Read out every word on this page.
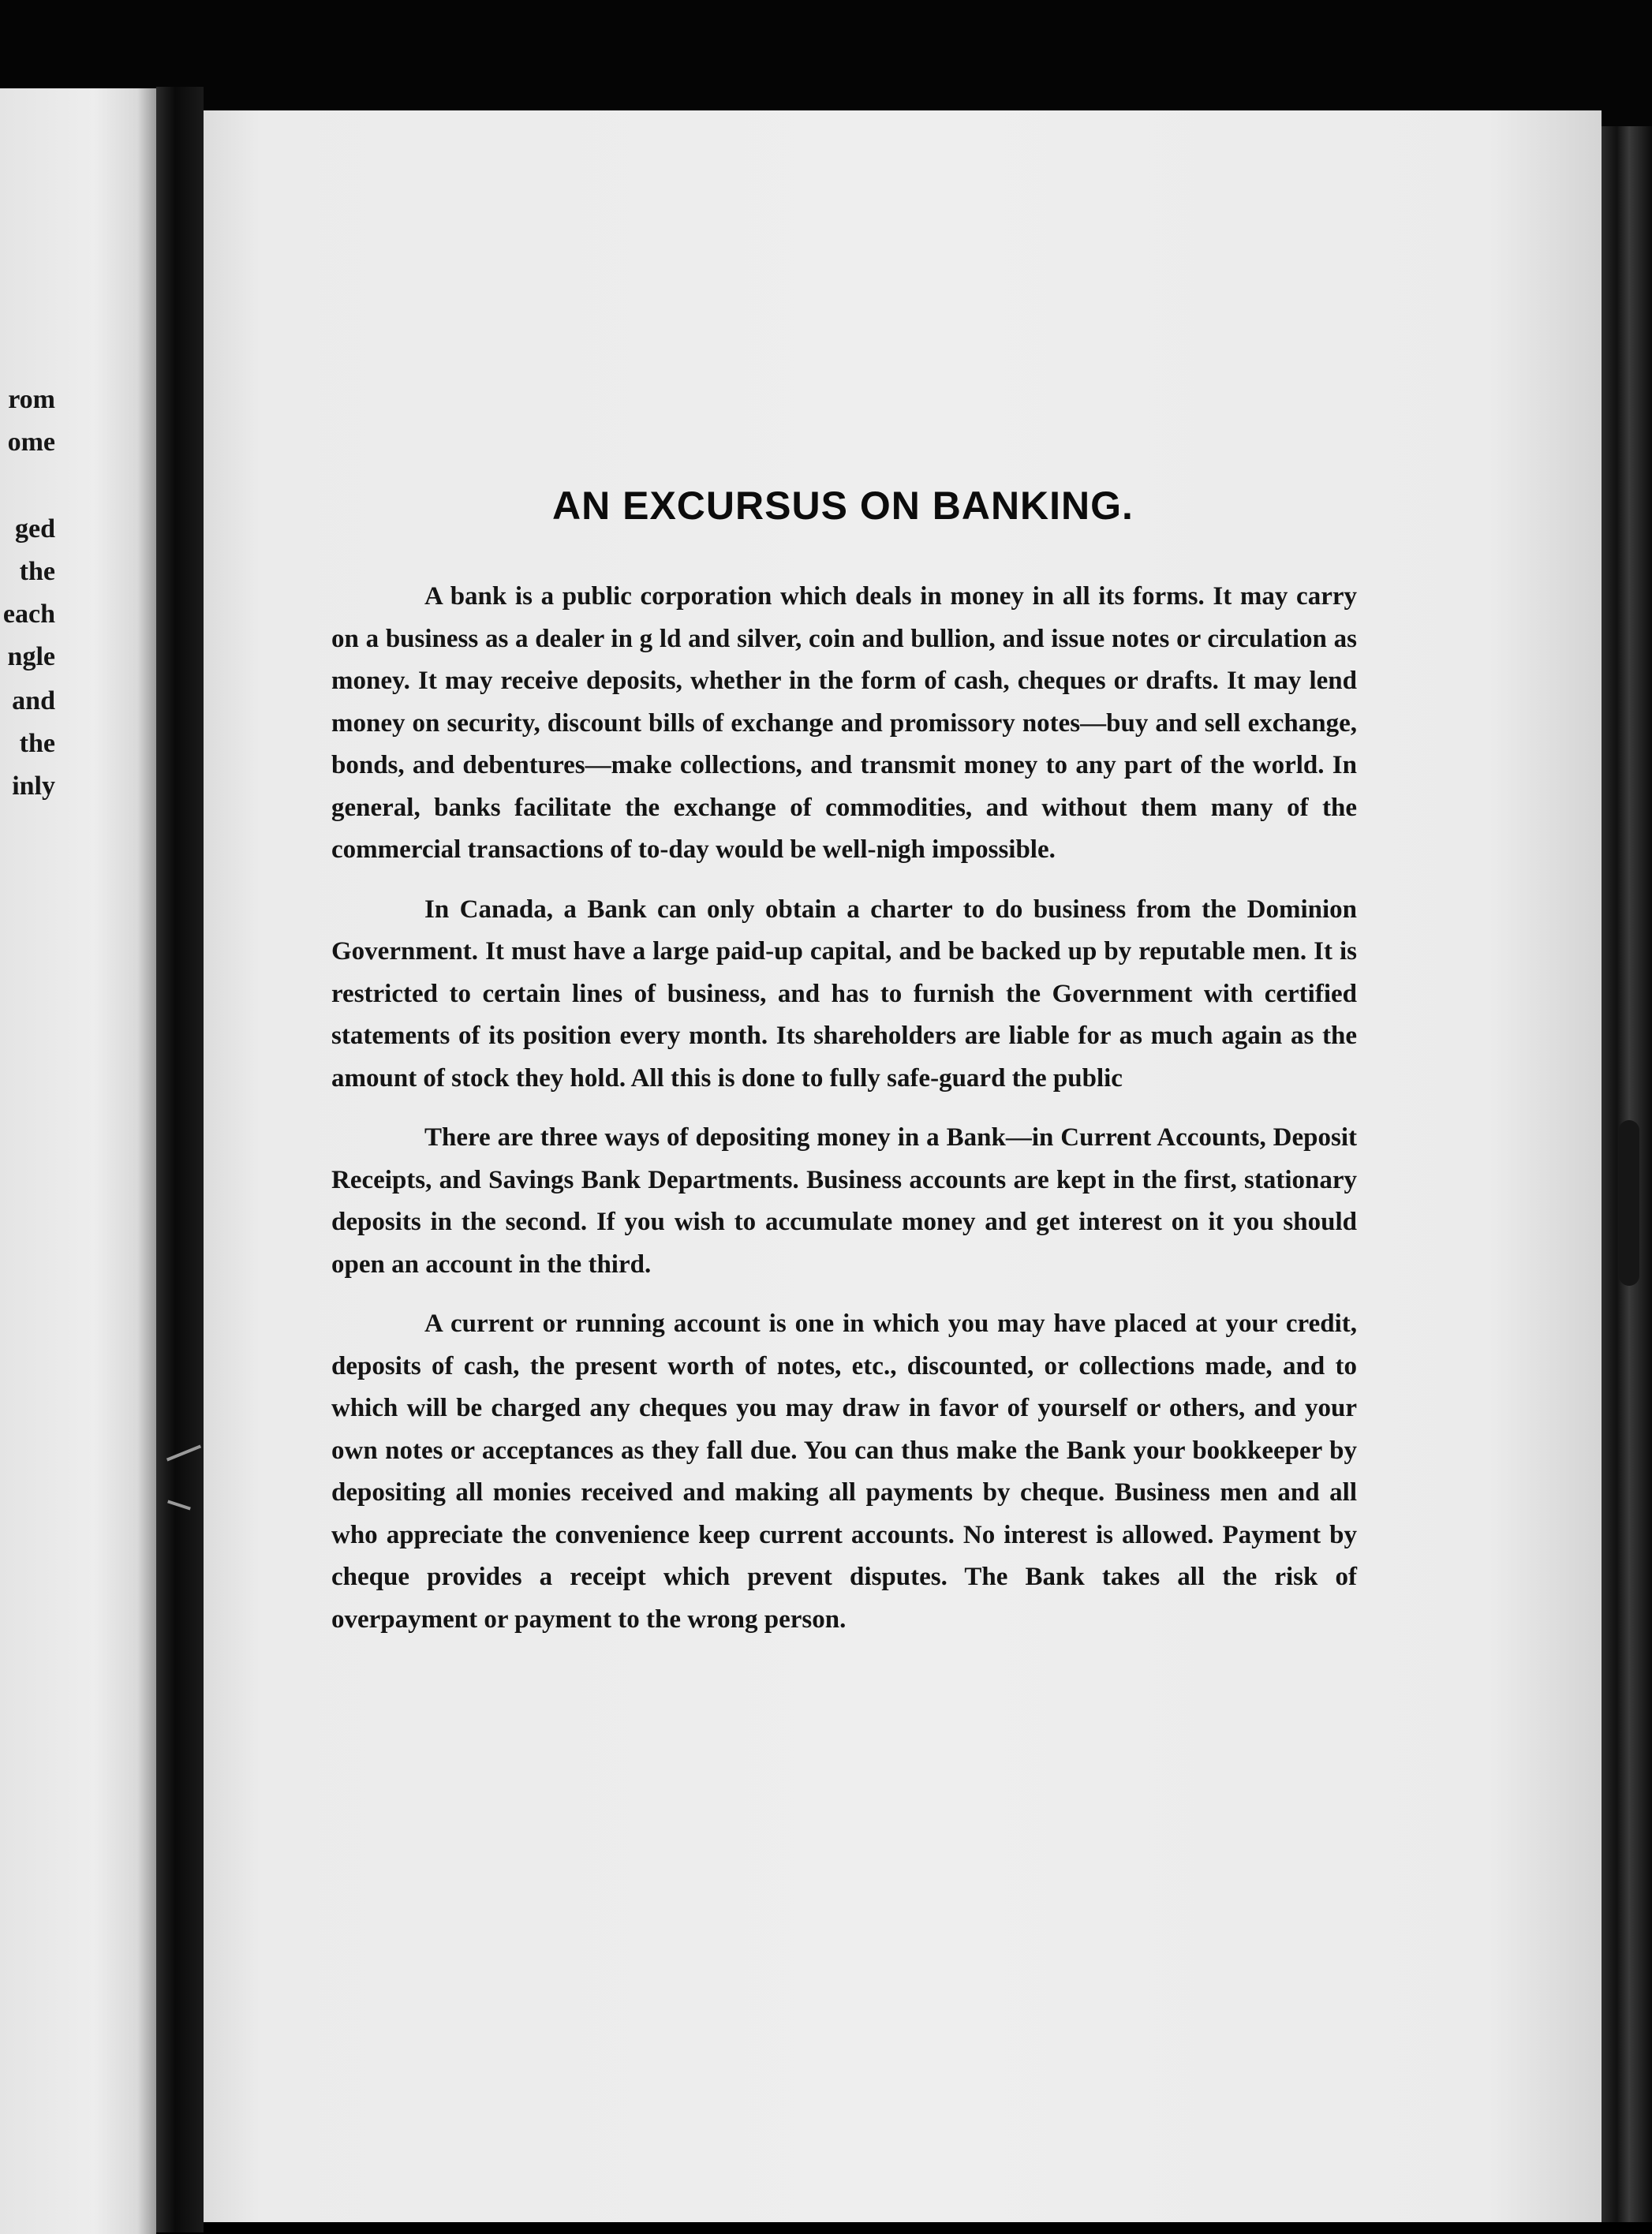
rom
ome
ged
the
each
ngle
and
the
inly
AN EXCURSUS ON BANKING.

A bank is a public corporation which deals in money in all its forms. It may carry on a business as a dealer in g ld and silver, coin and bullion, and issue notes or circulation as money. It may receive deposits, whether in the form of cash, cheques or drafts. It may lend money on security, discount bills of exchange and promissory notes—buy and sell exchange, bonds, and debentures—make collections, and transmit money to any part of the world. In general, banks facilitate the exchange of commodities, and without them many of the commercial transactions of to-day would be well-nigh impossible.

In Canada, a Bank can only obtain a charter to do business from the Dominion Government. It must have a large paid-up capital, and be backed up by reputable men. It is restricted to certain lines of business, and has to furnish the Government with certified statements of its position every month. Its shareholders are liable for as much again as the amount of stock they hold. All this is done to fully safe-guard the public

There are three ways of depositing money in a Bank—in Current Accounts, Deposit Receipts, and Savings Bank Departments. Business accounts are kept in the first, stationary deposits in the second. If you wish to accumulate money and get interest on it you should open an account in the third.

A current or running account is one in which you may have placed at your credit, deposits of cash, the present worth of notes, etc., discounted, or collections made, and to which will be charged any cheques you may draw in favor of yourself or others, and your own notes or acceptances as they fall due. You can thus make the Bank your bookkeeper by depositing all monies received and making all payments by cheque. Business men and all who appreciate the convenience keep current accounts. No interest is allowed. Payment by cheque provides a receipt which prevent disputes. The Bank takes all the risk of overpayment or payment to the wrong person.
